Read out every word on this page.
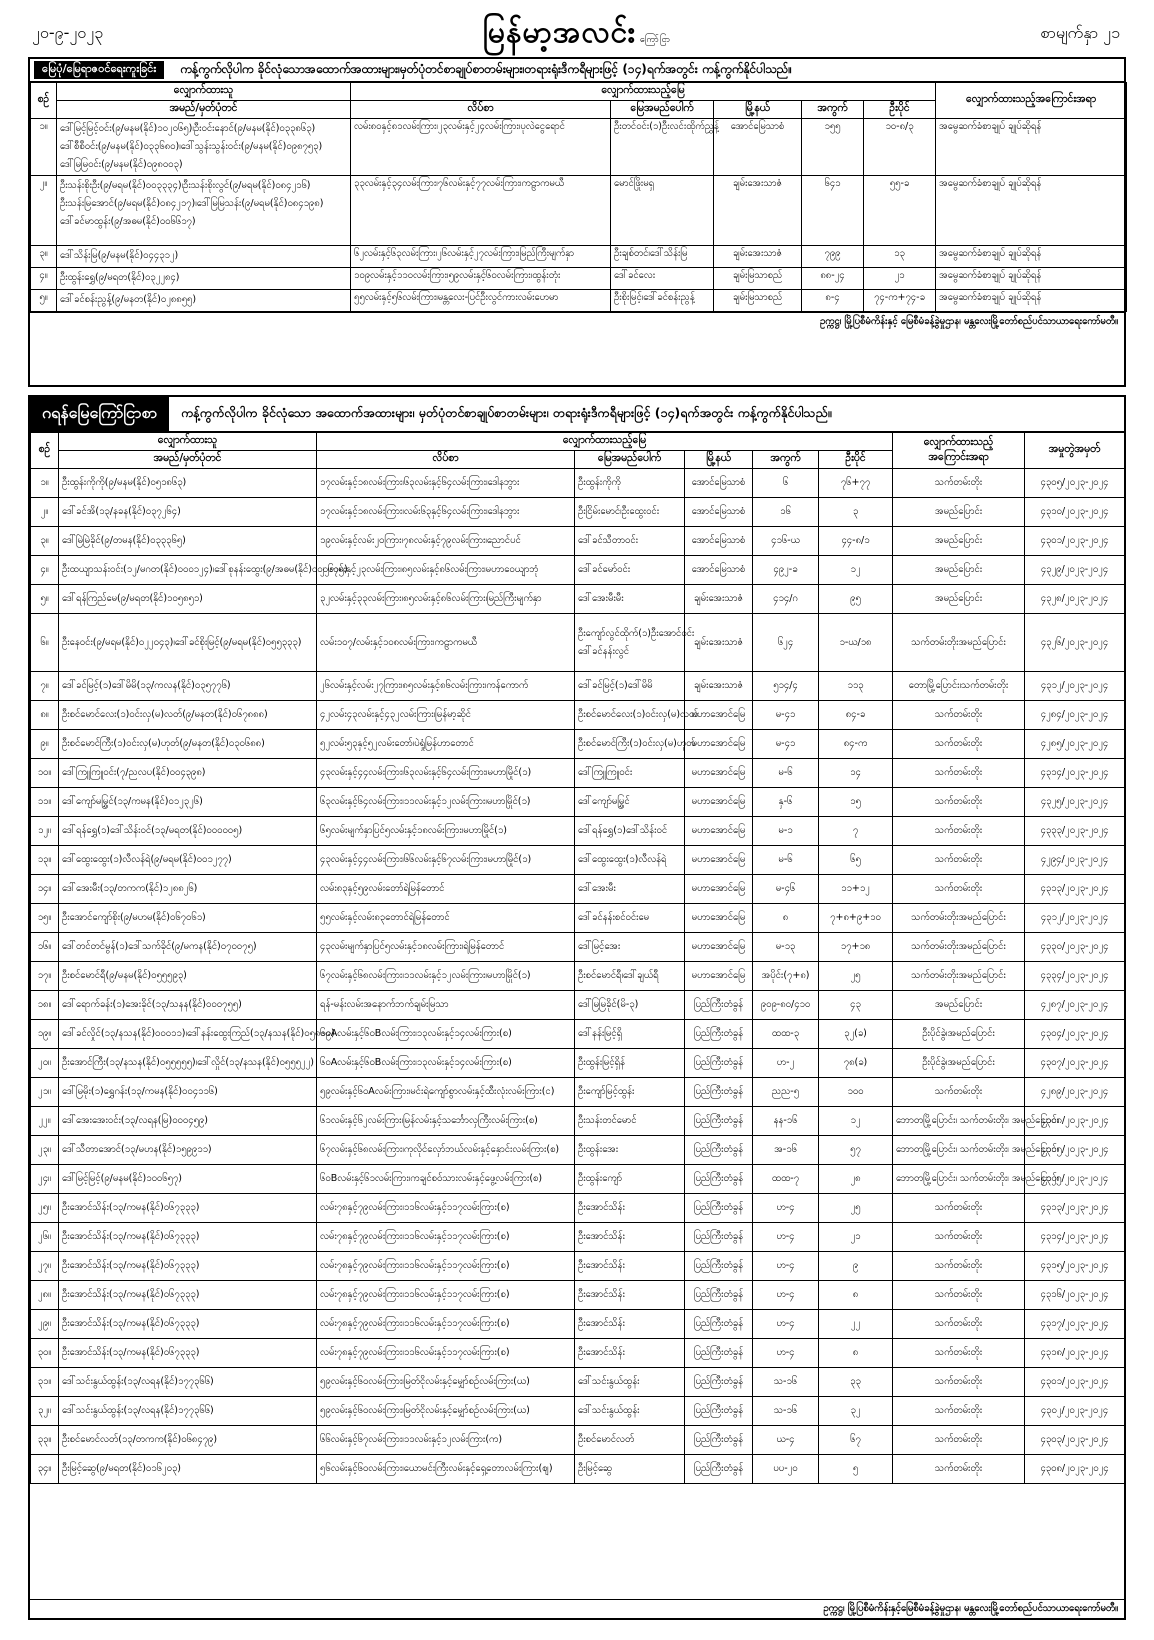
၂၀-၉-၂၀၂၃	မြန်မာ့အလင်း ကြော်ငြာ	စာမျက်နှာ ၂၁
မြေပုံ/မြေရာဇဝင်ရေးကူးခြင်း	ကန့်ကွက်လိုပါက ခိုင်လုံသောအထောက်အထားများ၊မှတ်ပုံတင်စာချုပ်စာတမ်းများ၊တရားရုံးဒီကရီများဖြင့် (၁၄)ရက်အတွင်း ကန့်ကွက်နိုင်ပါသည်။
စဉ်	လျှောက်ထားသူ	လျှောက်ထားသည့်မြေ					လျှောက်ထားသည့်အကြောင်းအရာ
	အမည်/မှတ်ပုံတင်	လိပ်စာ	မြေအမည်ပေါက်	မြို့နယ်	အကွက်	ဦးပိုင်	
၁။	ဒေါ်မြင့်မြင့်ဝင်း(၉/မနမ(နိုင်)၁၀၂၀၆၅)၊ဦးဝင်းနောင်(၉/မနမ(နိုင်)၀၃၃၈၆၃)
ဒေါ်စီစီဝင်း(၉/မနမ(နိုင်)၀၃၃၆၈၀)၊ဒေါ်သွန်းသွန်းဝင်း(၉/မနမ(နိုင်)၀၉၈၇၅၃)
ဒေါ်မြမြဝင်း(၉/မနမ(နိုင်)၀၉၈၀၀၃)	လမ်း၈၀နှင့်၈၁လမ်းကြား၊၂၃လမ်းနှင့်၂၄လမ်းကြား၊ပုလဲငွေရောင်	ဦးတင်ဝင်း(၁)ဦးလင်းထိုက်ညွှန့်	အောင်မြေသာစံ	၁၅၅	၁၀-၈/၃	အမွေဆက်ခံစာချုပ် ချုပ်ဆိုရန်
၂။	ဦးသန်းစိုးဦး(၉/မရမ(နိုင်)၀၀၃၃၃၄)၊ဦးသန်းစိုးလွင်(၉/မရမ(နိုင်)၀၈၄၂၁၆)
ဦးသန်းမြအောင်(၉/မရမ(နိုင်)၀၈၄၂၁၇)၊ဒေါ်မြမြသန်း(၉/မရမ(နိုင်)၀၈၄၁၉၈)
ဒေါ်ခင်မာထွန်း(၉/အဓမ(နိုင်)၀၀၆၆၁၇)	၃၃လမ်းနှင့်၃၄လမ်းကြား၊၇၆လမ်းနှင့်၇၇လမ်းကြား၊ကဠာကမယီ	မောင်ဖြိုးမရှ	ချမ်းအေးသာဇံ	၆၄၁	၅၅-ခ	အမွေဆက်ခံစာချုပ် ချုပ်ဆိုရန်
၃။	ဒေါ်သိန်းမြ(၉/မနမ(နိုင်)၀၄၄၃၁၂)	၆၂လမ်းနှင့်၆၃လမ်းကြား၊၂၆လမ်းနှင့်၂၇လမ်းကြား၊မြည်ကြီးမျက်နှာ	ဦးချစ်တင်၊ဒေါ်သိန်းမြ	ချမ်းအေးသာဇံ	၇၉၉	၁၃	အမွေဆက်ခံစာချုပ် ချုပ်ဆိုရန်
၄။	ဦးထွန်းရွှေ(၉/မရတ(နိုင်)၀၃၂၂၈၄)	၁၀၉လမ်းနှင့်၁၁၀လမ်းကြား၊၅၉လမ်းနှင့်၆၀လမ်းကြား၊ထွန်းတုံး	ဒေါ်ခင်လေး	ချမ်းမြသာစည်	၈၈-၂၄	၂၁	အမွေဆက်ခံစာချုပ် ချုပ်ဆိုရန်
၅။	ဒေါ်ခင်စန်းညွန့်(၉/မနတ(နိုင်)၀၂၈၈၅၅)	၅၅လမ်းနှင့်၅၆လမ်းကြား၊မန္တလေး-ပြင်ဦးလွင်ကားလမ်းဟေမာ	ဦးစိုးမြင့်၊ဒေါ်ခင်စန်းညွန့်	ချမ်းမြသာစည်	၈-၄	၇၄-က+၇၄-ခ	အမွေဆက်ခံစာချုပ် ချုပ်ဆိုရန်
ဥက္ကဋ္ဌ၊ မြို့ပြစီမံကိန်းနှင့် မြေစီမံခန့်ခွဲမှုဌာန၊ မန္တလေးမြို့တော်စည်ပင်သာယာရေးကော်မတီ။
ဂရန်မြေကြော်ငြာစာ	ကန့်ကွက်လိုပါက ခိုင်လုံသော အထောက်အထားများ၊ မှတ်ပုံတင်စာချုပ်စာတမ်းများ၊ တရားရုံးဒီကရီများဖြင့် (၁၄)ရက်အတွင်း ကန့်ကွက်နိုင်ပါသည်။
စဉ်	လျှောက်ထားသူ	လျှောက်ထားသည့်မြေ					လျှောက်ထားသည့် အကြောင်းအရာ	အမှုတွဲအမှတ်
	အမည်/မှတ်ပုံတင်	လိပ်စာ	မြေအမည်ပေါက်	မြို့နယ်	အကွက်	ဦးပိုင်		
၁။	ဦးထွန်းကိုကို(၉/မနမ(နိုင်)၀၅၁၈၆၃)	၁၇လမ်းနှင့်၁၈လမ်းကြား၊၆၃လမ်းနှင့်၆၄လမ်းကြား၊ဒေါနဘွား	ဦးထွန်းကိုကို	အောင်မြေသာစံ	၆	၇၆+၇၇	သက်တမ်းတိုး	၄၃၀၅/၂၀၂၃-၂၀၂၄
၂။	ဒေါ်ခင်အိ(၁၃/နခန(နိုင်)၀၃၇၂၆၄)	၁၇လမ်းနှင့်၁၈လမ်းကြား၊လမ်း၆၃နှင့်၆၄လမ်းကြား၊ဒေါနဘွား	ဦးငြိမ်းမောင်၊ဦးထွေးဝင်း	အောင်မြေသာစံ	၁၆	၃	အမည်ပြောင်း	၄၃၁၀/၂၀၂၃-၂၀၂၄
၃။	ဒေါ်မြဲမြဲခိုင်(၉/တမန(နိုင်)၀၃၃၃၆၅)	၁၉လမ်းနှင့်လမ်း၂၀ကြား၊၇၈လမ်းနှင့်၇၉လမ်းကြား၊ညောင်ပင်	ဒေါ်ခင်သီတာဝင်း	အောင်မြေသာစံ	၄၁၆-ယ	၄၄-၈/၁	အမည်ပြောင်း	၄၃၀၁/၂၀၂၃-၂၀၂၄
၄။	ဦးထယျာသန်းဝင်း(၁၂/မဂတ(နိုင်)၀၀၀၁၂၄)၊ဒေါ်စုနန်းထွေး(၉/အဓမ(နိုင်)၀၀၀၆၇၅)	၂၂လမ်းနှင့်၂၃လမ်းကြား၊၈၅လမ်းနှင့်၈၆လမ်းကြား၊မဟာဝေယျာဘုံ	ဒေါ်ခင်မော်ဝင်း	အောင်မြေသာစံ	၄၉၂-ခ	၁၂	အမည်ပြောင်း	၄၃၂၉/၂၀၂၃-၂၀၂၄
၅။	ဒေါ်ရန်ကြည်မေ(၉/မရတ(နိုင်)၁၀၅၈၅၁)	၃၂လမ်းနှင့်၃၃လမ်းကြား၊၈၅လမ်းနှင့်၈၆လမ်းကြား၊မြည်ကြီးမျက်နှာ	ဒေါ်အေးမီးမီး	ချမ်းအေးသာဇံ	၄၁၄/ဂ	၉၅	အမည်ပြောင်း	၄၃၂၈/၂၀၂၃-၂၀၂၄
၆။	ဦးနေဝင်း(၉/မရမ(နိုင်)၀၂၂၀၄၃)၊ဒေါ်ခင်စိုးမြင့်(၉/မရမ(နိုင်)၀၅၅၃၃၃)	လမ်း၁၀၇/လမ်းနှင့်၁၀၈လမ်းကြား၊ကဠာကမယီ	ဦးကျော်လွင်ထိုက်(၁)ဦးအောင်ဝင်း
ဒေါ်ခင်နန်းလွင်	ချမ်းအေးသာဇံ	၆၂၄	၁-ယ/၁၈	သက်တမ်းတိုးအမည်ပြောင်း	၄၃၂၆/၂၀၂၃-၂၀၂၄
၇။	ဒေါ်ခင်မြင့်(၁)ဒေါ်မိမိ(၁၃/ကလန(နိုင်)၀၃၅၇၇၆)	၂၆လမ်းနှင့်လမ်း၂၇ကြား၊၈၅လမ်းနှင့်၈၆လမ်းကြား၊ကန်ကောက်	ဒေါ်ခင်မြင့်(၁)ဒေါ်မိမိ	ချမ်းအေးသာဇံ	၅၁၄/၄	၁၁၃	တောမြို့ပြောင်း၊သက်တမ်းတိုး	၄၃၁၂/၂၀၂၃-၂၀၂၄
၈။	ဦးစင်မောင်လေး(၁)ဝင်းလှ(မ)လတ်(၉/မနတ(နိုင်)၀၆၇၈၈၈)	၄၂လမ်း၄၃လမ်းနှင့်၄၃၂လမ်းကြား၊မြန်မာ့ဆိုင်	ဦးစင်မောင်လေး(၁)ဝင်းလှ(မ)လတ်	မဟာအောင်မြေ	မ-၄၁	၈၄-ခ	သက်တမ်းတိုး	၄၂၈၄/၂၀၂၃-၂၀၂၄
၉။	ဦးစင်မောင်ကြီး(၁)ဝင်းလှ(မ)ဟုတ်(၉/မနတ(နိုင်)၀၃၀၆၈၈)	၅၂လမ်း၅၃နှင့်၅၂လမ်းတော်၊ပဲရှုံမြန်ဟာတောင်	ဦးစင်မောင်ကြီး(၁)ဝင်းလှ(မ)ဟုတ်	မဟာအောင်မြေ	မ-၄၁	၈၄-က	သက်တမ်းတိုး	၄၂၈၅/၂၀၂၃-၂၀၂၄
၁၀။	ဒေါ်ကြူကြူဝင်း(၇/ညလပ(နိုင်)၀၀၄၃၉၈)	၄၃လမ်းနှင့်၄၄လမ်းကြား၊၆၃လမ်းနှင့်၆၄လမ်းကြား၊မဟာမြိုင်(၁)	ဒေါ်ကြူကြူဝင်း	မဟာအောင်မြေ	မ-၆	၁၄	သက်တမ်းတိုး	၄၃၁၄/၂၀၂၃-၂၀၂၄
၁၁။	ဒေါ်ကျော်မမြွှင်(၁၃/ကမန(နိုင်)၀၁၂၃၂၆)	၆၃လမ်းနှင့်၆၄လမ်းကြား၊၁၁လမ်းနှင့်၁၂လမ်းကြား၊မဟာမြိုင်(၁)	ဒေါ်ကျော်မမြွှင်	မဟာအောင်မြေ	နှ-၆	၁၅	သက်တမ်းတိုး	၄၃၂၅/၂၀၂၃-၂၀၂၄
၁၂။	ဒေါ်ရန်ရွှေ(၁)ဒေါ်သိန်းဝင်(၁၃/မရတ(နိုင်)၀၀၀၀၀၅)	၆၅လမ်းမျက်နှာပြင်၅လမ်းနှင့်၁၈လမ်းကြား၊မဟာမြိုင်(၁)	ဒေါ်ရန်ရွှေ(၁)ဒေါ်သိန်းဝင်	မဟာအောင်မြေ	မ-၁	၇	သက်တမ်းတိုး	၄၃၃၃/၂၀၂၃-၂၀၂၄
၁၃။	ဒေါ်ထွေးထွေး(၁)လီလန်ရဲ(၉/မရမ(နိုင်)၀၀၁၂၇၇)	၄၃လမ်းနှင့်၄၄လမ်းကြား၊၆၆လမ်းနှင့်၆၇လမ်းကြား၊မဟာမြိုင်(၁)	ဒေါ်ထွေးထွေး(၁)လီလန်ရဲ	မဟာအောင်မြေ	မ-၆	၆၅	သက်တမ်းတိုး	၄၂၉၄/၂၀၂၃-၂၀၂၄
၁၄။	ဒေါ်အေးမီး(၁၃/တကက(နိုင်)၁၂၈၈၂၆)	လမ်း၈၃နှင့်၅၉လမ်းတော်ရဲမြန်တောင်	ဒေါ်အေးမီး	မဟာအောင်မြေ	မ-၄၆	၁၁+၁၂	သက်တမ်းတိုး	၄၃၁၃/၂၀၂၃-၂၀၂၄
၁၅။	ဦးအောင်ကျော်စိုး(၉/မဟမ(နိုင်)၀၆၇၀၆၁)	၅၅လမ်းနှင့်လမ်း၈၃တောင်ရဲမြန်တောင်	ဒေါ်ခင်နန်းစင်ဝင်းမေ	မဟာအောင်မြေ	၈	၇+၈+၉+၁၀	သက်တမ်းတိုးအမည်ပြောင်း	၄၃၁၂/၂၀၂၃-၂၀၂၄
၁၆။	ဒေါ်တင်တင်မွန်(၁)ဒေါ်သက်ခိုင်(၉/မကန(နိုင်)၀၇၀၀၇၅)	၄၃လမ်းမျက်နှာပြင်၅လမ်းနှင့်၁၈လမ်းကြား၊ရဲမြန်တောင်	ဒေါ်မြင့်အေး	မဟာအောင်မြေ	မ-၁၃	၁၇+၁၈	သက်တမ်းတိုးအမည်ပြောင်း	၄၃၃၀/၂၀၂၃-၂၀၂၄
၁၇။	ဦးစင်မောင်ရီ(၉/မနမ(နိုင်)၀၅၅၅၉၃)	၆၇လမ်းနှင့်၆၈လမ်းကြား၊၁၁လမ်းနှင့်၁၂လမ်းကြား၊မဟာမြိုင်(၁)	ဦးစင်မောင်ရီ၊ဒေါ်ချယ်ရီ	မဟာအောင်မြေ	အပိုင်း(၇+၈)	၂၅	သက်တမ်းတိုးအမည်ပြောင်း	၄၃၃၄/၂၀၂၃-၂၀၂၄
၁၈။	ဒေါ်ရောက်ခန်း(၁)အေးခိုင်(၁၃/သနန(နိုင်)၀၀၀၇၅၅)	ရန်-မန်းလမ်းအနောက်ဘက်ချမ်းမြသာ	ဒေါ်မြမြခိုင်(မိ-၃)	ပြည်ကြီးတံခွန်	၉၀၉-၈၀/၄၁၀	၄၃	အမည်ပြောင်း	၄၂၈၇/၂၀၂၃-၂၀၂၄
၁၉။	ဒေါ်ခင်လှိုင်(၁၃/နသန(နိုင်)၀၀၀၁၁)၊ဒေါ်နန်းထွေးကြည်(၁၃/နသန(နိုင်)၀၅၈၀၉)	၆၀Aလမ်းနှင့်၆၀Bလမ်းကြား၊၁၃လမ်းနှင့်၁၄လမ်းကြား(စ)	ဒေါ်နန်းမြင့်ရှိ	ပြည်ကြီးတံခွန်	ထထ-၃	၃၂(ခ)	ဦးပိုင်ခွဲ၊အမည်ပြောင်း	၄၃၀၄/၂၀၂၃-၂၀၂၄
၂၀။	ဦးအောင်ကြီး(၁၃/နသန(နိုင်)၀၅၅၅၅၅)၊ဒေါ်လှိုင်(၁၃/နသန(နိုင်)၀၅၅၅၂၂)	၆၀Aလမ်းနှင့်၆၀Bလမ်းကြား၊၁၃လမ်းနှင့်၁၄လမ်းကြား(စ)	ဦးထွန်းမြင့်ရှိန်	ပြည်ကြီးတံခွန်	ဟ-၂	၇၈(ခ)	ဦးပိုင်ခွဲ၊အမည်ပြောင်း	၄၃၀၇/၂၀၂၃-၂၀၂၄
၂၁။	ဒေါ်မြမိုး(၁)ရွှေဂန်း(၁၃/ကမန(နိုင်)၀၀၄၁၁၆)	၅၉လမ်းနှင့်၆၀Aလမ်းကြား၊မင်းရဲကျော်စွာလမ်းနှင့်ထီးလုံးလမ်းကြား(င)	ဦးကျော်မြင့်ထွန်း	ပြည်ကြီးတံခွန်	ညည-၅	၁၀၀	သက်တမ်းတိုး	၄၂၈၉/၂၀၂၃-၂၀၂၄
၂၂။	ဒေါ်အေးအေးဝင်း(၁၃/လရန(မြ)၀၀၀၄၅၉)	၆၁လမ်းနှင့်၆၂လမ်းကြား၊မြန်လမ်းနှင့်သင်္ဘောလှကြီးလမ်းကြား(စ)	ဦးသန်းတင်မောင်	ပြည်ကြီးတံခွန်	နန-၁၆	၁၂	ဘောတမြို့ပြောင်း၊ သက်တမ်းတိုး၊ အမည်ပြောင်း	၄၃၀၈/၂၀၂၃-၂၀၂၄
၂၃။	ဒေါ်သီတာအောင်(၁၃/မဟန(နိုင်)၁၅၉၉၁၁)	၆၇လမ်းနှင့်၆၈လမ်းကြား၊ကုလိုင်လှော်ဘယ်လမ်းနှင့်နှောင်းလမ်းကြား(စ)	ဦးထွန်းအေး	ပြည်ကြီးတံခွန်	အ-၁၆	၅၇	ဘောတမြို့ပြောင်း၊ သက်တမ်းတိုး၊ အမည်ပြောင်း	၄၃၁၅/၂၀၂၃-၂၀၂၄
၂၄။	ဒေါ်မြင့်မြင့်(၉/မနမ(နိုင်)၁၀၀၆၅၇)	၆၀Bလမ်းနှင့်၆၁လမ်းကြား၊ကချင်စဝ်သားလမ်းနှင့်ဖွေ့လမ်းကြား(စ)	ဦးထွန်းကျော်	ပြည်ကြီးတံခွန်	ထထ-၇	၂၈	ဘောတမြို့ပြောင်း၊ သက်တမ်းတိုး၊ အမည်ပြောင်း	၄၃၂၅/၂၀၂၃-၂၀၂၄
၂၅။	ဦးအောင်သိန်း(၁၃/ကမန(နိုင်)၀၆၇၃၃၃)	လမ်း၇၈နှင့်၇၉လမ်းကြား၊၁၁၆လမ်းနှင့်၁၁၇လမ်းကြား(စ)	ဦးအောင်သိန်း	ပြည်ကြီးတံခွန်	ဟ-၄	၂၅	သက်တမ်းတိုး	၄၃၁၃/၂၀၂၃-၂၀၂၄
၂၆။	ဦးအောင်သိန်း(၁၃/ကမန(နိုင်)၀၆၇၃၃၃)	လမ်း၇၈နှင့်၇၉လမ်းကြား၊၁၁၆လမ်းနှင့်၁၁၇လမ်းကြား(စ)	ဦးအောင်သိန်း	ပြည်ကြီးတံခွန်	ဟ-၄	၂၁	သက်တမ်းတိုး	၄၃၁၄/၂၀၂၃-၂၀၂၄
၂၇။	ဦးအောင်သိန်း(၁၃/ကမန(နိုင်)၀၆၇၃၃၃)	လမ်း၇၈နှင့်၇၉လမ်းကြား၊၁၁၆လမ်းနှင့်၁၁၇လမ်းကြား(စ)	ဦးအောင်သိန်း	ပြည်ကြီးတံခွန်	ဟ-၄	၉	သက်တမ်းတိုး	၄၃၁၅/၂၀၂၃-၂၀၂၄
၂၈။	ဦးအောင်သိန်း(၁၃/ကမန(နိုင်)၀၆၇၃၃၃)	လမ်း၇၈နှင့်၇၉လမ်းကြား၊၁၁၆လမ်းနှင့်၁၁၇လမ်းကြား(စ)	ဦးအောင်သိန်း	ပြည်ကြီးတံခွန်	ဟ-၄	၈	သက်တမ်းတိုး	၄၃၁၆/၂၀၂၃-၂၀၂၄
၂၉။	ဦးအောင်သိန်း(၁၃/ကမန(နိုင်)၀၆၇၃၃၃)	လမ်း၇၈နှင့်၇၉လမ်းကြား၊၁၁၆လမ်းနှင့်၁၁၇လမ်းကြား(စ)	ဦးအောင်သိန်း	ပြည်ကြီးတံခွန်	ဟ-၄	၂၂	သက်တမ်းတိုး	၄၃၁၇/၂၀၂၃-၂၀၂၄
၃၀။	ဦးအောင်သိန်း(၁၃/ကမန(နိုင်)၀၆၇၃၃၃)	လမ်း၇၈နှင့်၇၉လမ်းကြား၊၁၁၆လမ်းနှင့်၁၁၇လမ်းကြား(စ)	ဦးအောင်သိန်း	ပြည်ကြီးတံခွန်	ဟ-၄	၈	သက်တမ်းတိုး	၄၃၁၈/၂၀၂၃-၂၀၂၄
၃၁။	ဒေါ်သင်းနွယ်ထွန်း(၁၃/လရန(နိုင်)၁၇၇၃၆၆)	၅၉လမ်းနှင့်၆၀လမ်းကြား၊မြတ်ငိုလမ်းနှင့်မျှော်စဉ်လမ်းကြား(ယ)	ဒေါ်သင်းနွယ်ထွန်း	ပြည်ကြီးတံခွန်	သ-၁၆	၃၃	သက်တမ်းတိုး	၄၃၀၁/၂၀၂၃-၂၀၂၄
၃၂။	ဒေါ်သင်းနွယ်ထွန်း(၁၃/လရန(နိုင်)၁၇၇၃၆၆)	၅၉လမ်းနှင့်၆၀လမ်းကြား၊မြတ်ငိုလမ်းနှင့်မျှော်စဉ်လမ်းကြား(ယ)	ဒေါ်သင်းနွယ်ထွန်း	ပြည်ကြီးတံခွန်	သ-၁၆	၃၂	သက်တမ်းတိုး	၄၃၀၂/၂၀၂၃-၂၀၂၄
၃၃။	ဦးစင်မောင်လတ်(၁၃/တကက(နိုင်)၀၆၈၄၇၉)	၆၆လမ်းနှင့်၆၇လမ်းကြား၊၁၁လမ်းနှင့်၁၂လမ်းကြား(က)	ဦးစင်မောင်လတ်	ပြည်ကြီးတံခွန်	ယ-၄	၆၇	သက်တမ်းတိုး	၄၃၀၃/၂၀၂၃-၂၀၂၄
၃၄။	ဦးမြင့်ဆွေ(၉/မရတ(နိုင်)၀၁၆၂၀၃)	၅၆လမ်းနှင့်၆၀လမ်းကြား၊ယောမင်းကြီးလမ်းနှင့်ရှေ့တောလမ်းကြား(ဈ)	ဦးမြင့်ဆွေ	ပြည်ကြီးတံခွန်	ပပ-၂၀	၅	သက်တမ်းတိုး	၄၃၀၈/၂၀၂၃-၂၀၂၄
ဥက္ကဋ္ဌ၊ မြို့ပြစီမံကိန်းနှင့်မြေစီမံခန့်ခွဲမှုဌာန၊ မန္တလေးမြို့တော်စည်ပင်သာယာရေးကော်မတီ။
